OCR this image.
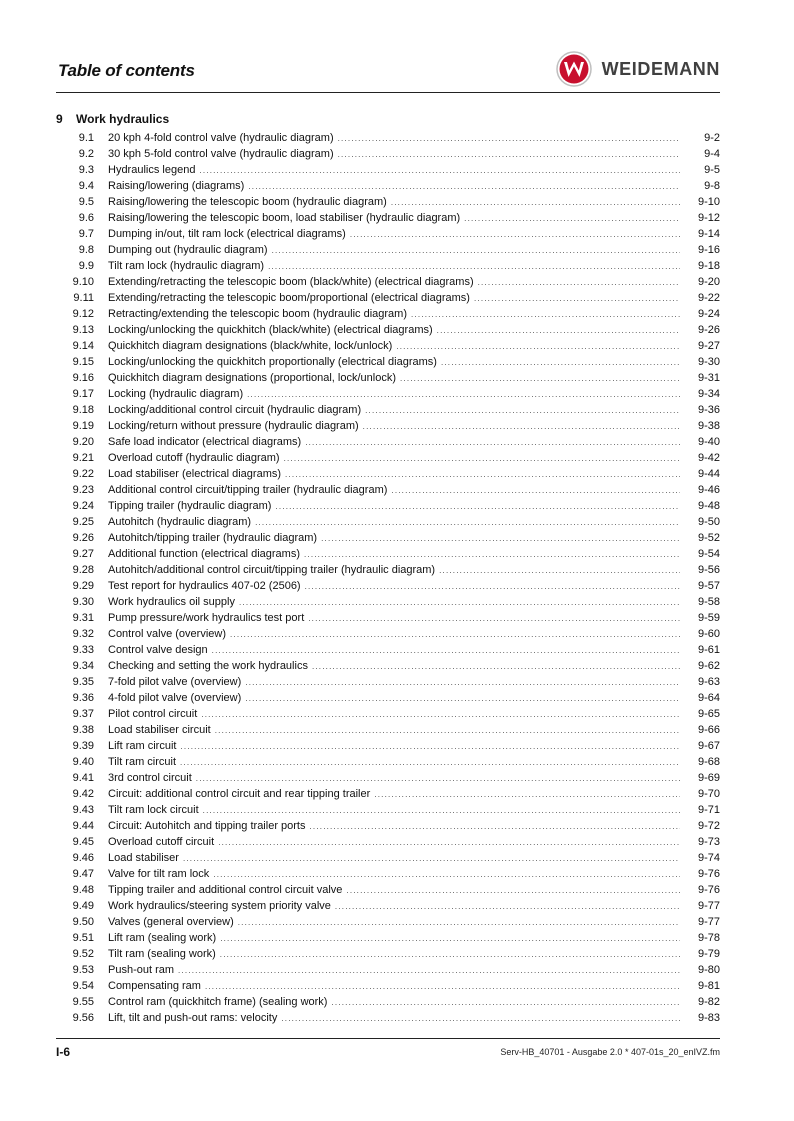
Table of contents	WEIDEMANN
9	Work hydraulics
9.1	20 kph 4-fold control valve (hydraulic diagram) .....	9-2
9.2	30 kph 5-fold control valve (hydraulic diagram) .....	9-4
9.3	Hydraulics legend .....	9-5
9.4	Raising/lowering (diagrams) .....	9-8
9.5	Raising/lowering the telescopic boom (hydraulic diagram) .....	9-10
9.6	Raising/lowering the telescopic boom, load stabiliser (hydraulic diagram) .....	9-12
9.7	Dumping in/out, tilt ram lock (electrical diagrams) .....	9-14
9.8	Dumping out (hydraulic diagram) .....	9-16
9.9	Tilt ram lock (hydraulic diagram) .....	9-18
9.10	Extending/retracting the telescopic boom (black/white) (electrical diagrams) .....	9-20
9.11	Extending/retracting the telescopic boom/proportional (electrical diagrams) .....	9-22
9.12	Retracting/extending the telescopic boom (hydraulic diagram) .....	9-24
9.13	Locking/unlocking the quickhitch (black/white) (electrical diagrams) .....	9-26
9.14	Quickhitch diagram designations (black/white, lock/unlock) .....	9-27
9.15	Locking/unlocking the quickhitch proportionally (electrical diagrams) .....	9-30
9.16	Quickhitch diagram designations (proportional, lock/unlock) .....	9-31
9.17	Locking (hydraulic diagram) .....	9-34
9.18	Locking/additional control circuit (hydraulic diagram) .....	9-36
9.19	Locking/return without pressure (hydraulic diagram) .....	9-38
9.20	Safe load indicator (electrical diagrams) .....	9-40
9.21	Overload cutoff (hydraulic diagram) .....	9-42
9.22	Load stabiliser (electrical diagrams) .....	9-44
9.23	Additional control circuit/tipping trailer (hydraulic diagram) .....	9-46
9.24	Tipping trailer (hydraulic diagram) .....	9-48
9.25	Autohitch (hydraulic diagram) .....	9-50
9.26	Autohitch/tipping trailer (hydraulic diagram) .....	9-52
9.27	Additional function (electrical diagrams) .....	9-54
9.28	Autohitch/additional control circuit/tipping trailer (hydraulic diagram) .....	9-56
9.29	Test report for hydraulics 407-02 (2506) .....	9-57
9.30	Work hydraulics oil supply .....	9-58
9.31	Pump pressure/work hydraulics test port .....	9-59
9.32	Control valve (overview) .....	9-60
9.33	Control valve design .....	9-61
9.34	Checking and setting the work hydraulics .....	9-62
9.35	7-fold pilot valve (overview) .....	9-63
9.36	4-fold pilot valve (overview) .....	9-64
9.37	Pilot control circuit .....	9-65
9.38	Load stabiliser circuit .....	9-66
9.39	Lift ram circuit .....	9-67
9.40	Tilt ram circuit .....	9-68
9.41	3rd control circuit .....	9-69
9.42	Circuit: additional control circuit and rear tipping trailer .....	9-70
9.43	Tilt ram lock circuit .....	9-71
9.44	Circuit: Autohitch and tipping trailer ports .....	9-72
9.45	Overload cutoff circuit .....	9-73
9.46	Load stabiliser .....	9-74
9.47	Valve for tilt ram lock .....	9-76
9.48	Tipping trailer and additional control circuit valve .....	9-76
9.49	Work hydraulics/steering system priority valve .....	9-77
9.50	Valves (general overview) .....	9-77
9.51	Lift ram (sealing work) .....	9-78
9.52	Tilt ram (sealing work) .....	9-79
9.53	Push-out ram .....	9-80
9.54	Compensating ram .....	9-81
9.55	Control ram (quickhitch frame) (sealing work) .....	9-82
9.56	Lift, tilt and push-out rams: velocity .....	9-83
I-6	Serv-HB_40701 - Ausgabe 2.0 * 407-01s_20_enIVZ.fm
